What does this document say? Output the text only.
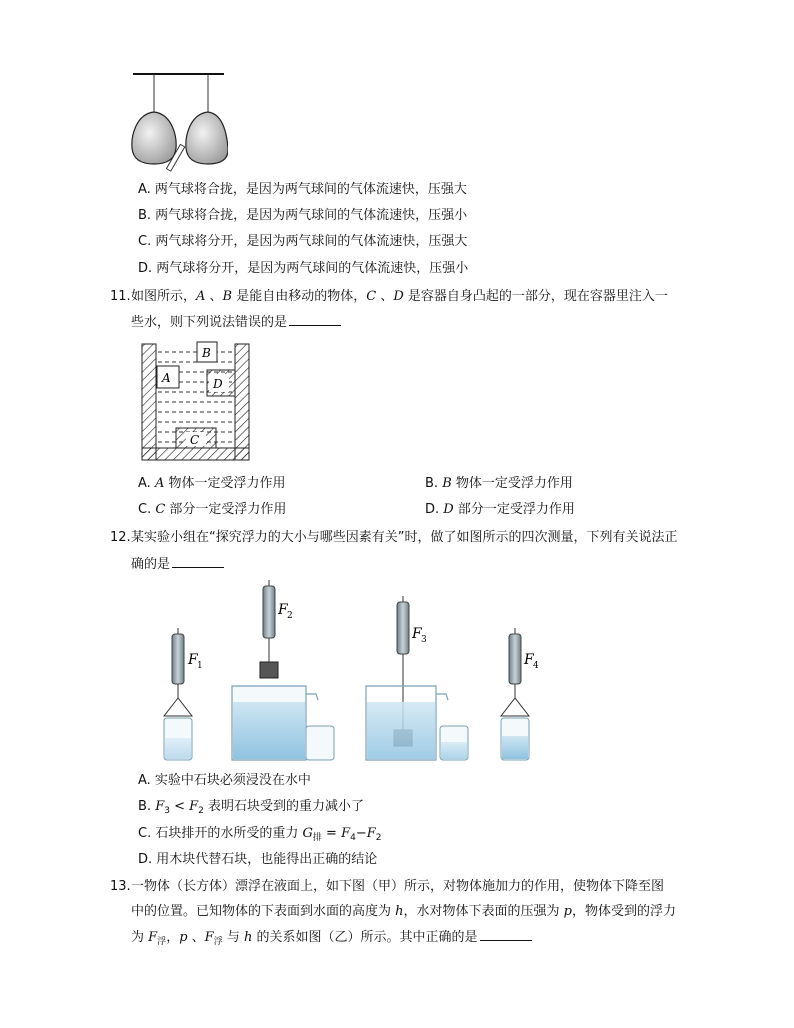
A. 两气球将合拢，是因为两气球间的气体流速快，压强大
B. 两气球将合拢，是因为两气球间的气体流速快，压强小
C. 两气球将分开，是因为两气球间的气体流速快，压强大
D. 两气球将分开，是因为两气球间的气体流速快，压强小
11. 如图所示，A 、B 是能自由移动的物体，C 、D 是容器自身凸起的一部分，现在容器里注入一
些水，则下列说法错误的是
B
A	D
C
A. A 物体一定受浮力作用	B. B 物体一定受浮力作用
C. C 部分一定受浮力作用	D. D 部分一定受浮力作用
12. 某实验小组在“探究浮力的大小与哪些因素有关”时，做了如图所示的四次测量，下列有关说法正
确的是
F 1
F 2
F 3
F 4
A. 实验中石块必须浸没在水中
B. $F_3 < F_2$ 表明石块受到的重力减小了
C. 石块排开的水所受的重力 $G_排 = F_4-F_2$
D. 用木块代替石块，也能得出正确的结论
13. 一物体（长方体）漂浮在液面上，如下图（甲）所示，对物体施加力的作用，使物体下降至图
中的位置。已知物体的下表面到水面的高度为 h，水对物体下表面的压强为 p，物体受到的浮力
为 $F_浮$，p 、$F_浮$ 与 h 的关系如图（乙）所示。其中正确的是
